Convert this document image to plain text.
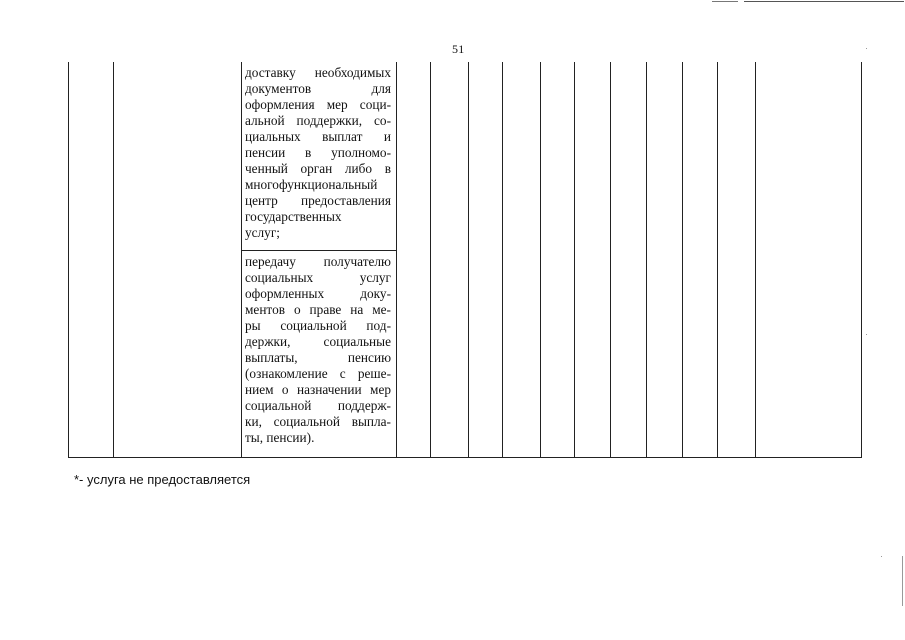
51
доставку необходимых
документов для
оформления мер соци-
альной поддержки, со-
циальных выплат и
пенсии в уполномо-
ченный орган либо в
многофункциональный
центр предоставления
государственных
услуг;
передачу получателю
социальных услуг
оформленных доку-
ментов о праве на ме-
ры социальной под-
держки, социальные
выплаты, пенсию
(ознакомление с реше-
нием о назначении мер
социальной поддерж-
ки, социальной выпла-
ты, пенсии).
*- услуга не предоставляется
